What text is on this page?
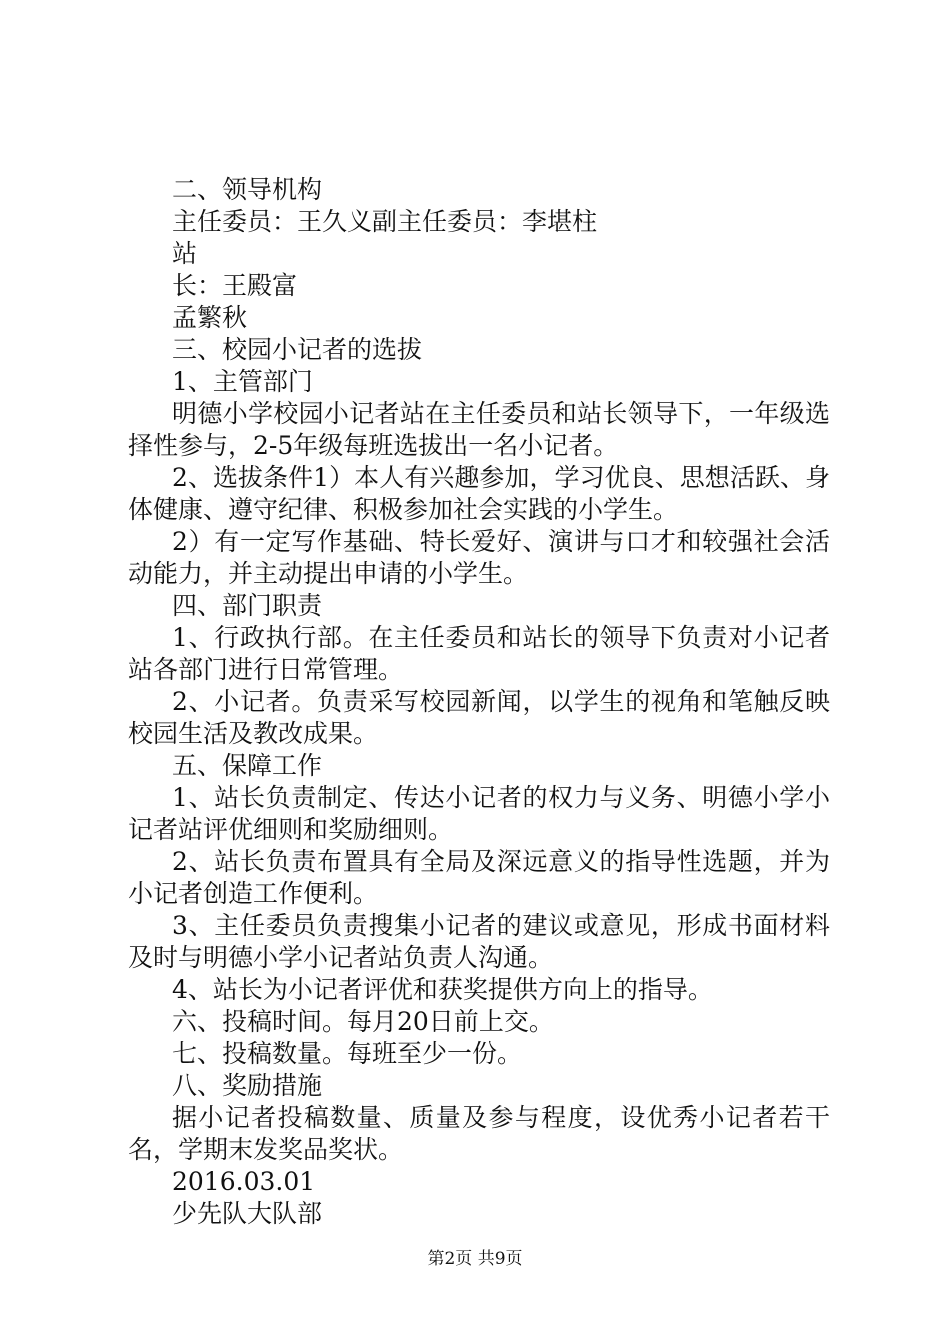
二、领导机构
主任委员：王久义副主任委员：李堪柱
站
长：王殿富
孟繁秋
三、校园小记者的选拔
1、主管部门
明德小学校园小记者站在主任委员和站长领导下，一年级选择性参与，2-5年级每班选拔出一名小记者。
2、选拔条件1）本人有兴趣参加，学习优良、思想活跃、身体健康、遵守纪律、积极参加社会实践的小学生。
2）有一定写作基础、特长爱好、演讲与口才和较强社会活动能力，并主动提出申请的小学生。
四、部门职责
1、行政执行部。在主任委员和站长的领导下负责对小记者站各部门进行日常管理。
2、小记者。负责采写校园新闻，以学生的视角和笔触反映校园生活及教改成果。
五、保障工作
1、站长负责制定、传达小记者的权力与义务、明德小学小记者站评优细则和奖励细则。
2、站长负责布置具有全局及深远意义的指导性选题，并为小记者创造工作便利。
3、主任委员负责搜集小记者的建议或意见，形成书面材料及时与明德小学小记者站负责人沟通。
4、站长为小记者评优和获奖提供方向上的指导。
六、投稿时间。每月20日前上交。
七、投稿数量。每班至少一份。
八、奖励措施
据小记者投稿数量、质量及参与程度，设优秀小记者若干名，学期末发奖品奖状。
2016.03.01
少先队大队部
第2页 共9页
